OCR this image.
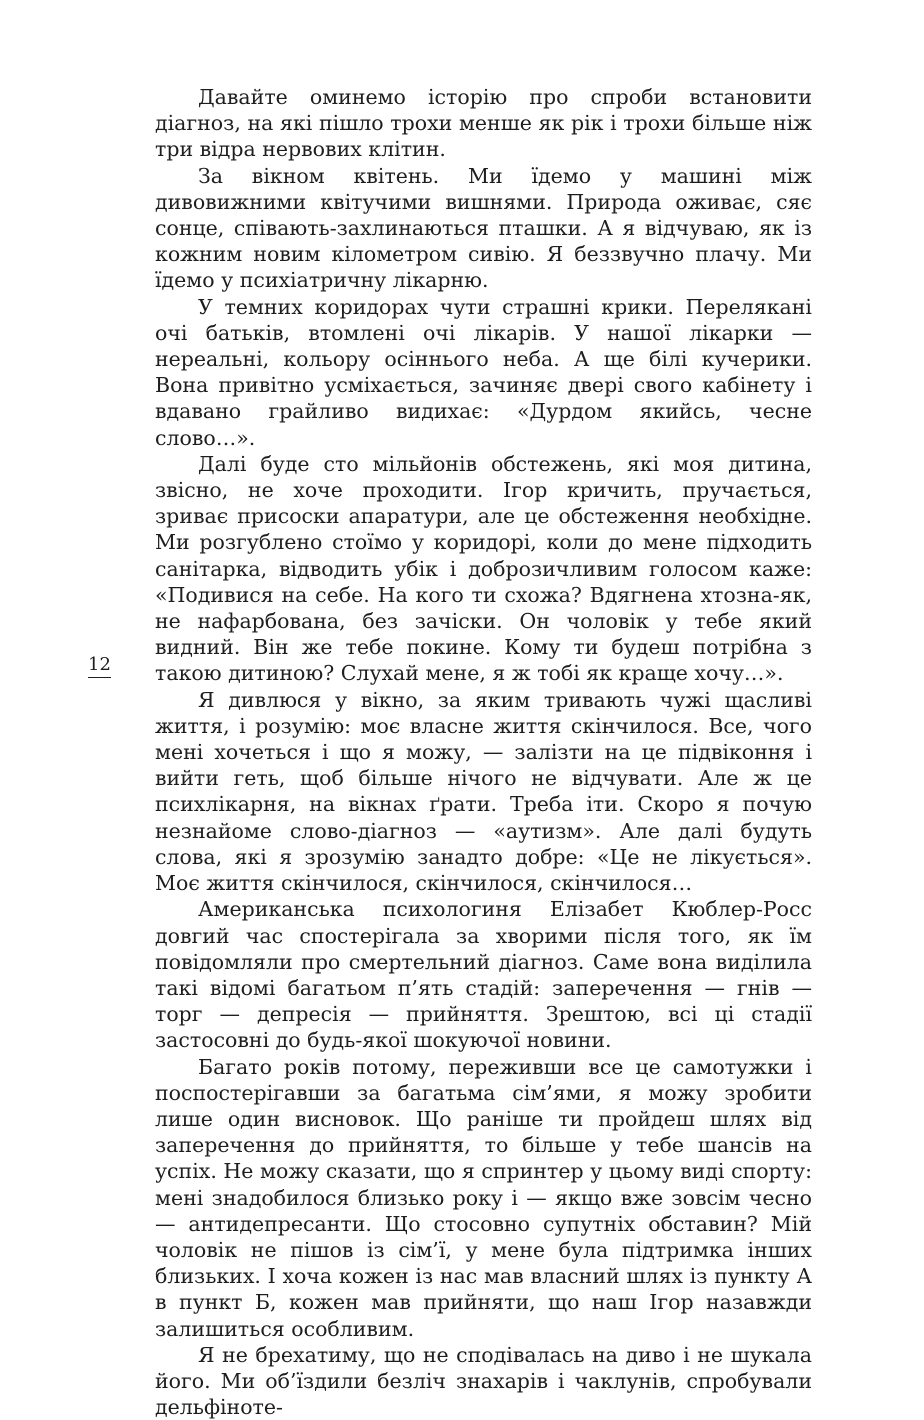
12

Давайте оминемо історію про спроби встановити діагноз, на які пішло трохи менше як рік і трохи більше ніж три відра нервових клітин.

За вікном квітень. Ми їдемо у машині між дивовижними квітучими вишнями. Природа оживає, сяє сонце, співають-захлинаються пташки. А я відчуваю, як із кожним новим кілометром сивію. Я беззвучно плачу. Ми їдемо у психіатричну лікарню.

У темних коридорах чути страшні крики. Перелякані очі батьків, втомлені очі лікарів. У нашої лікарки — нереальні, кольору осіннього неба. А ще білі кучерики. Вона привітно усміхається, зачиняє двері свого кабінету і вдавано грайливо видихає: «Дурдом якийсь, чесне слово…».

Далі буде сто мільйонів обстежень, які моя дитина, звісно, не хоче проходити. Ігор кричить, пручається, зриває присоски апаратури, але це обстеження необхідне. Ми розгублено стоїмо у коридорі, коли до мене підходить санітарка, відводить убік і доброзичливим голосом каже: «Подивися на себе. На кого ти схожа? Вдягнена хтозна-як, не нафарбована, без зачіски. Он чоловік у тебе який видний. Він же тебе покине. Кому ти будеш потрібна з такою дитиною? Слухай мене, я ж тобі як краще хочу…».

Я дивлюся у вікно, за яким тривають чужі щасливі життя, і розумію: моє власне життя скінчилося. Все, чого мені хочеться і що я можу, — залізти на це підвіконня і вийти геть, щоб більше нічого не відчувати. Але ж це психлікарня, на вікнах ґрати. Треба іти. Скоро я почую незнайоме слово-діагноз — «аутизм». Але далі будуть слова, які я зрозумію занадто добре: «Це не лікується». Моє життя скінчилося, скінчилося, скінчилося…

Американська психологиня Елізабет Кюблер-Росс довгий час спостерігала за хворими після того, як їм повідомляли про смертельний діагноз. Саме вона виділила такі відомі багатьом п’ять стадій: заперечення — гнів — торг — депресія — прийняття. Зрештою, всі ці стадії застосовні до будь-якої шокуючої новини.

Багато років потому, переживши все це самотужки і поспостерігавши за багатьма сім’ями, я можу зробити лише один висновок. Що раніше ти пройдеш шлях від заперечення до прийняття, то більше у тебе шансів на успіх. Не можу сказати, що я спринтер у цьому виді спорту: мені знадобилося близько року і — якщо вже зовсім чесно — антидепресанти. Що стосовно супутніх обставин? Мій чоловік не пішов із сім’ї, у мене була підтримка інших близьких. І хоча кожен із нас мав власний шлях із пункту А в пункт Б, кожен мав прийняти, що наш Ігор назавжди залишиться особливим.

Я не брехатиму, що не сподівалась на диво і не шукала його. Ми об’їздили безліч знахарів і чаклунів, спробували дельфіноте-
